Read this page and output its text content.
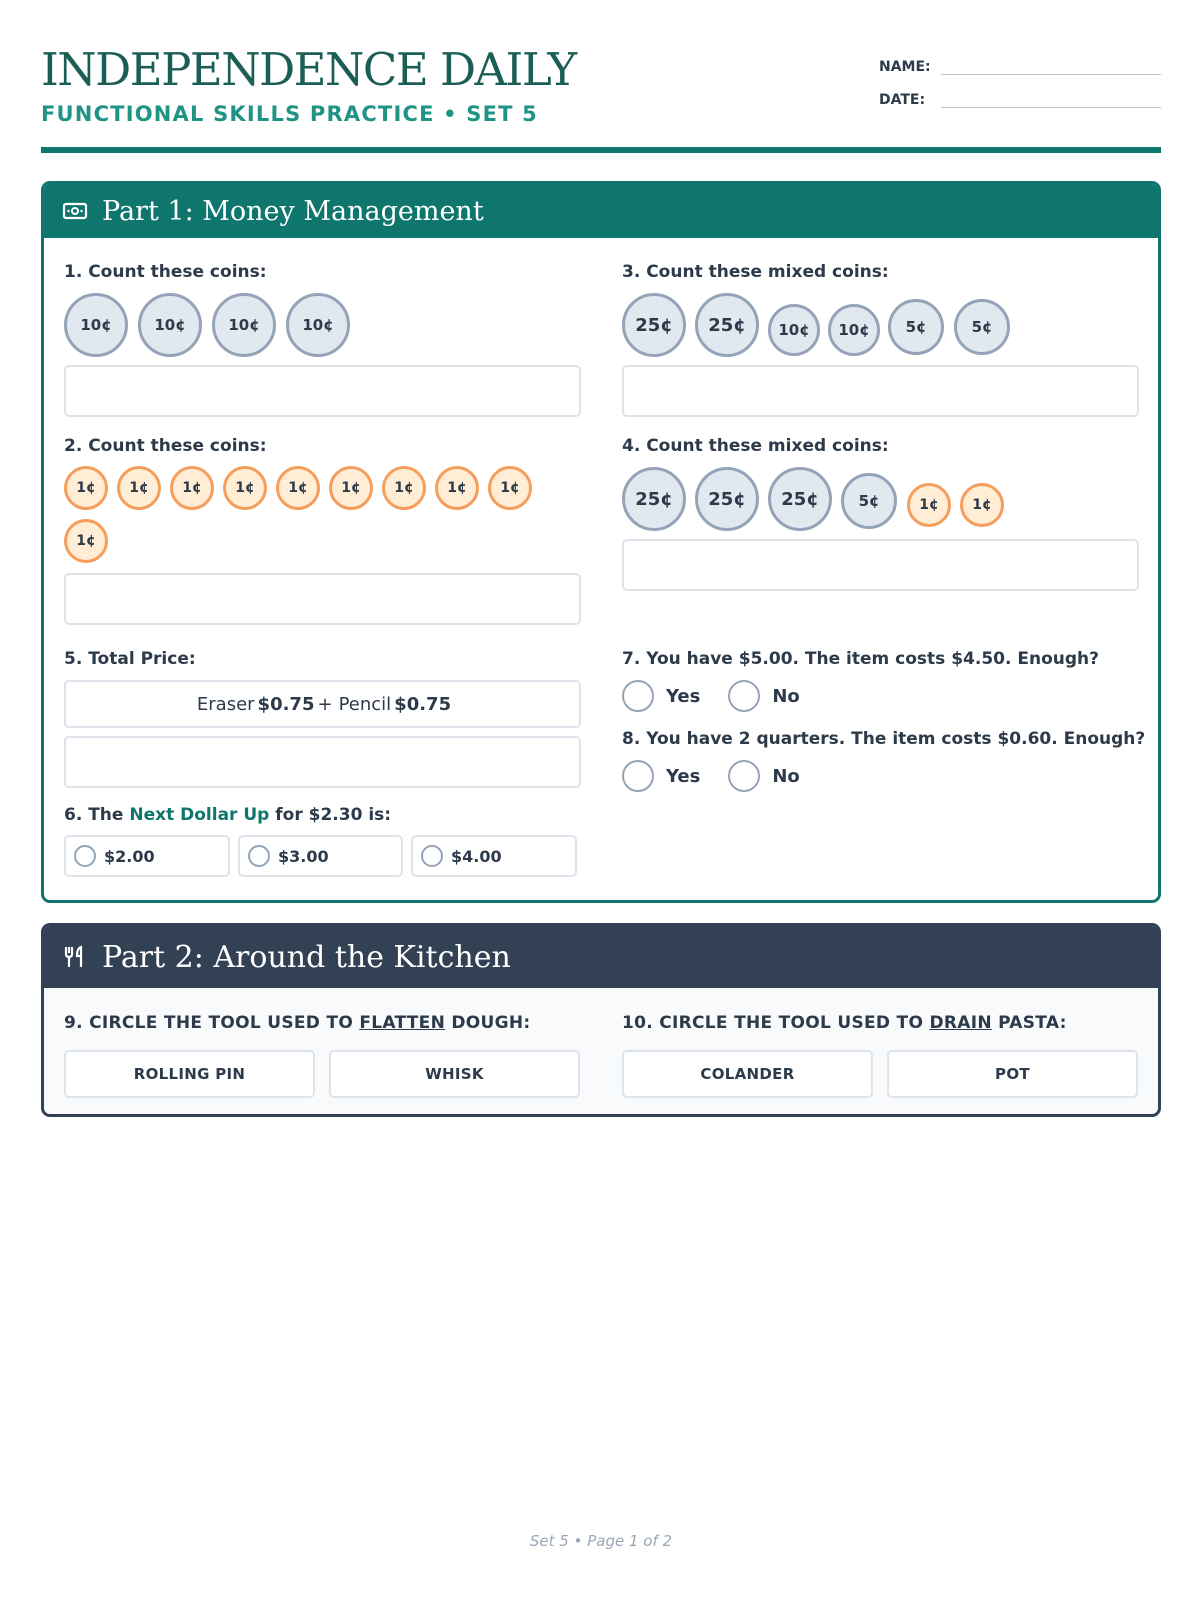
INDEPENDENCE DAILY
FUNCTIONAL SKILLS PRACTICE • SET 5
NAME:
DATE:
Part 1: Money Management
1. Count these coins:
10¢	10¢	10¢	10¢
3. Count these mixed coins:
25¢	25¢	10¢	10¢	5¢	5¢
2. Count these coins:
1¢	1¢	1¢	1¢	1¢	1¢	1¢	1¢	1¢
1¢
4. Count these mixed coins:
25¢	25¢	25¢	5¢	1¢	1¢
5. Total Price:
Eraser $0.75 + Pencil $0.75
6. The Next Dollar Up for $2.30 is:
$2.00	$3.00	$4.00
7. You have $5.00. The item costs $4.50. Enough?
Yes	No
8. You have 2 quarters. The item costs $0.60. Enough?
Yes	No
Part 2: Around the Kitchen
9. CIRCLE THE TOOL USED TO FLATTEN DOUGH:
ROLLING PIN	WHISK
10. CIRCLE THE TOOL USED TO DRAIN PASTA:
COLANDER	POT
Set 5 • Page 1 of 2
